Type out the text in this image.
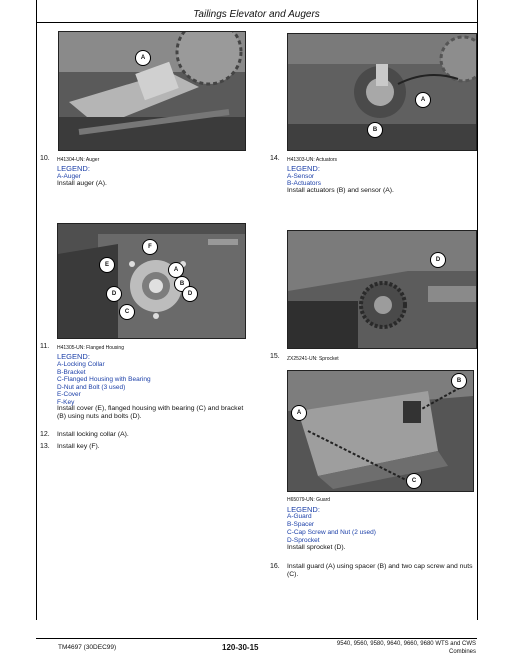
Tailings Elevator and Augers
A
A
B
10. H41304-UN: Auger
LEGEND:
A-Auger
Install auger (A).
14. H41303-UN: Actuators
LEGEND:
A-Sensor
B-Actuators
Install actuators (B) and sensor (A).
F
E
A
B
D
C
D
D
11. H41305-UN: Flanged Housing
LEGEND:
A-Locking Collar
B-Bracket
C-Flanged Housing with Bearing
D-Nut and Bolt (3 used)
E-Cover
F-Key
Install cover (E), flanged housing with bearing (C) and bracket
(B) using nuts and bolts (D).
12. Install locking collar (A).
13. Install key (F).
15. ZX25241-UN: Sprocket
B
A
C
H65079-UN: Guard
LEGEND:
A-Guard
B-Spacer
C-Cap Screw and Nut (2 used)
D-Sprocket
Install sprocket (D).
16. Install guard (A) using spacer (B) and two cap screw and nuts
(C).
TM4697 (30DEC99)	120-30-15	9540, 9560, 9580, 9640, 9660, 9680 WTS and CWS
Combines
